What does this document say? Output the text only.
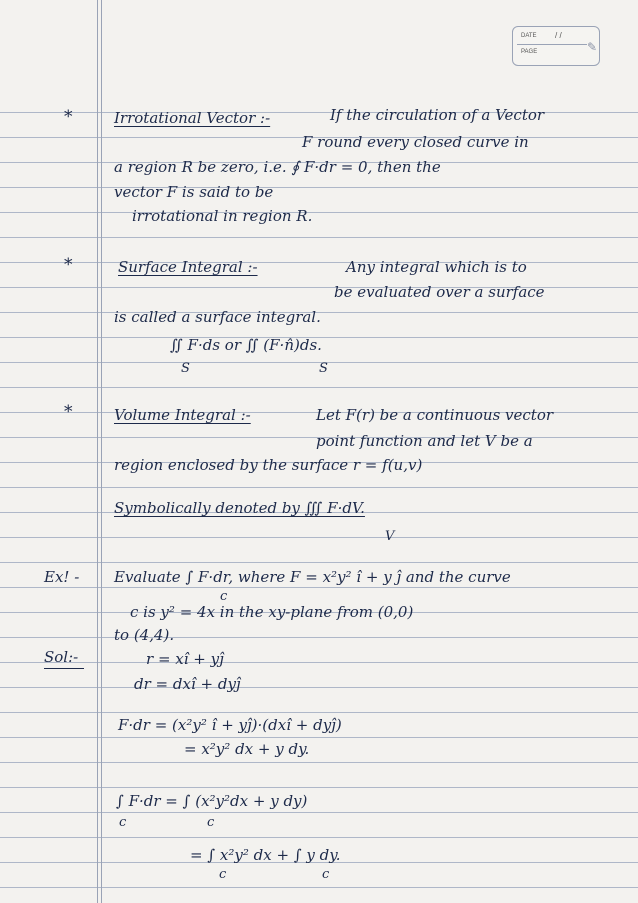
DATE / /
PAGE	✎
*	Irrotational Vector :-	If the circulation of a Vector
F round every closed curve in
a region R be zero, i.e. ∮ F·dr = 0, then the
vector F is said to be
irrotational in region R.
*	Surface Integral :-	Any integral which is to
be evaluated over a surface
is called a surface integral.
∬ F·ds or ∬ (F·n̂)ds.
S	S
*	Volume Integral :-	Let F(r) be a continuous vector
point function and let V be a
region enclosed by the surface r = f(u,v)
Symbolically denoted by ∭ F·dV.
V
Ex! - Evaluate ∫ F·dr, where F = x²y² î + y ĵ and the curve
c
c is y² = 4x in the xy-plane from (0,0)
to (4,4).
Sol:-	r = xî + yĵ
dr = dxî + dyĵ
F·dr = (x²y² î + yĵ)·(dxî + dyĵ)
= x²y² dx + y dy.
∫ F·dr = ∫ (x²y²dx + y dy)
c	c
= ∫ x²y² dx + ∫ y dy.
c	c
